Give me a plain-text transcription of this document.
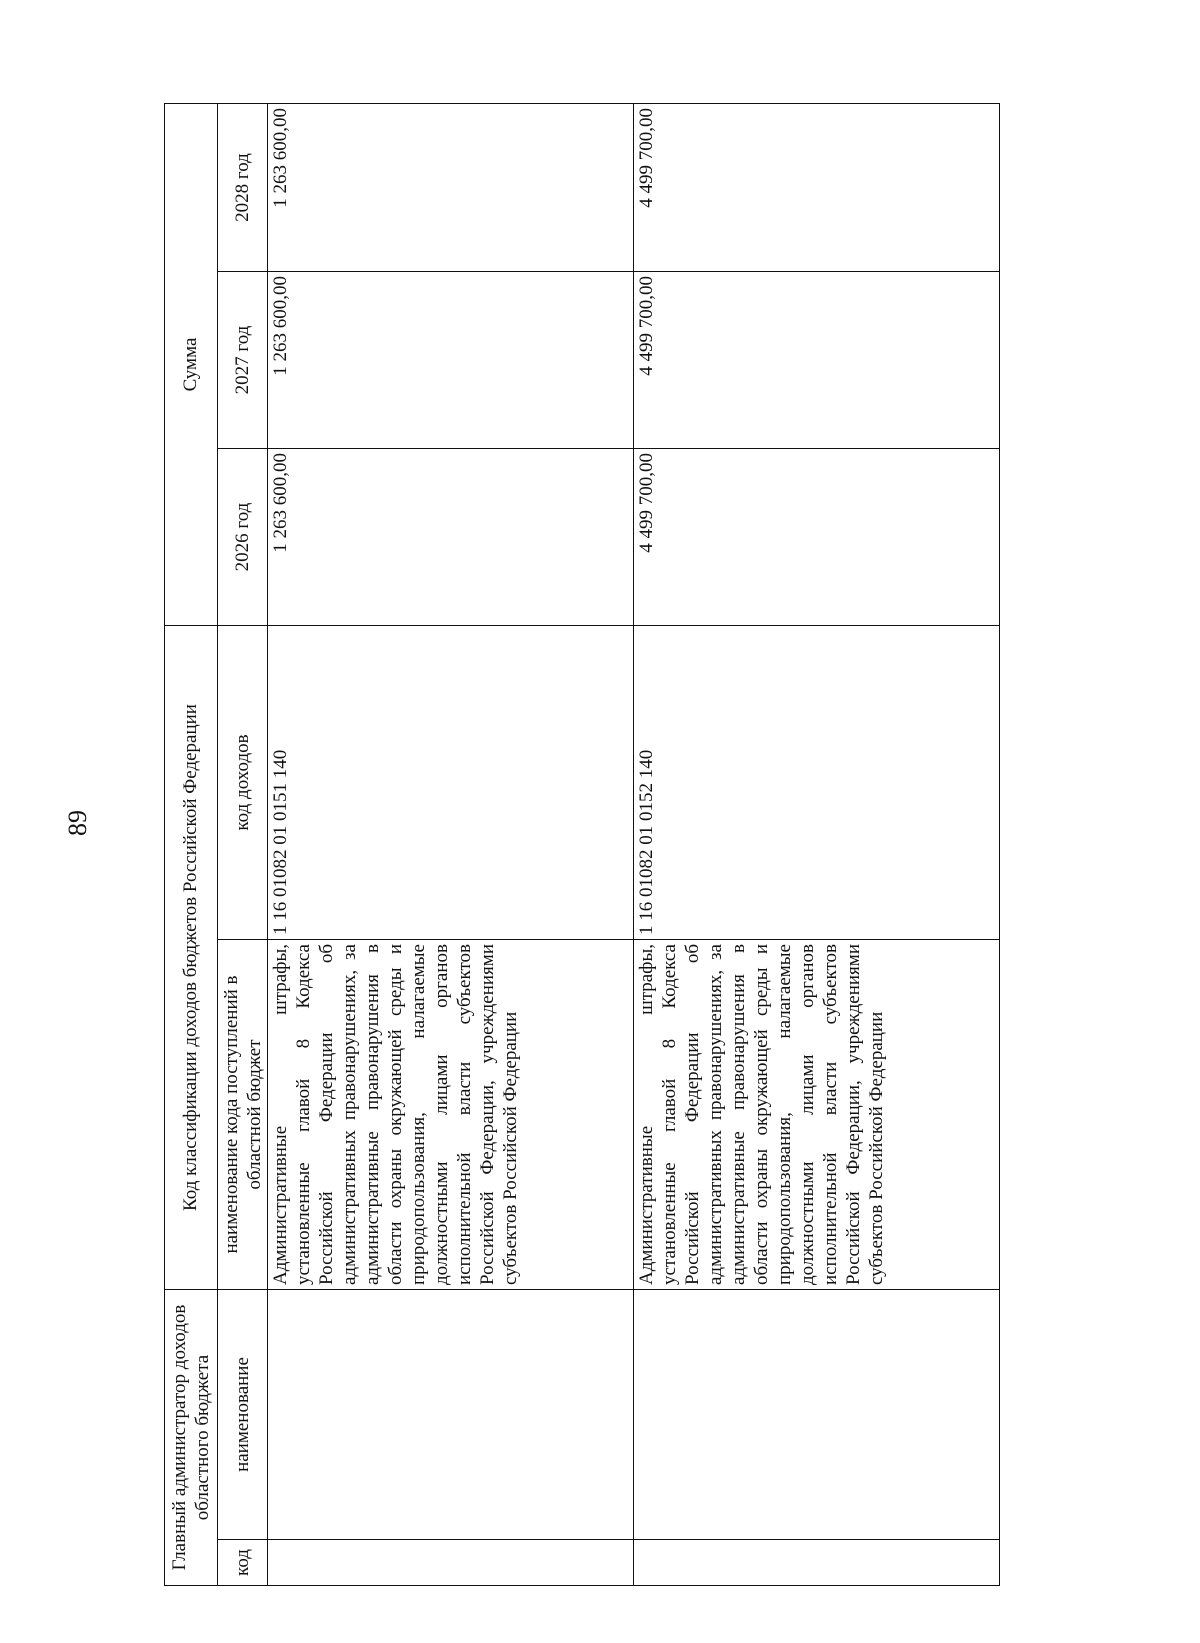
89
Главный администратор доходов областного бюджета		Код классификации доходов бюджетов Российской Федерации		Сумма		
код	наименование	наименование кода поступлений в областной бюджет	код доходов	2026 год	2027 год	2028 год
		Административные штрафы, установленные главой 8 Кодекса Российской Федерации об административных правонарушениях, за административные правонарушения в области охраны окружающей среды и природопользования, налагаемые должностными лицами органов исполнительной власти субъектов Российской Федерации, учреждениями субъектов Российской Федерации	1 16 01082 01 0151 140	1 263 600,00	1 263 600,00	1 263 600,00
		Административные штрафы, установленные главой 8 Кодекса Российской Федерации об административных правонарушениях, за административные правонарушения в области охраны окружающей среды и природопользования, налагаемые должностными лицами органов исполнительной власти субъектов Российской Федерации, учреждениями субъектов Российской Федерации	1 16 01082 01 0152 140	4 499 700,00	4 499 700,00	4 499 700,00
